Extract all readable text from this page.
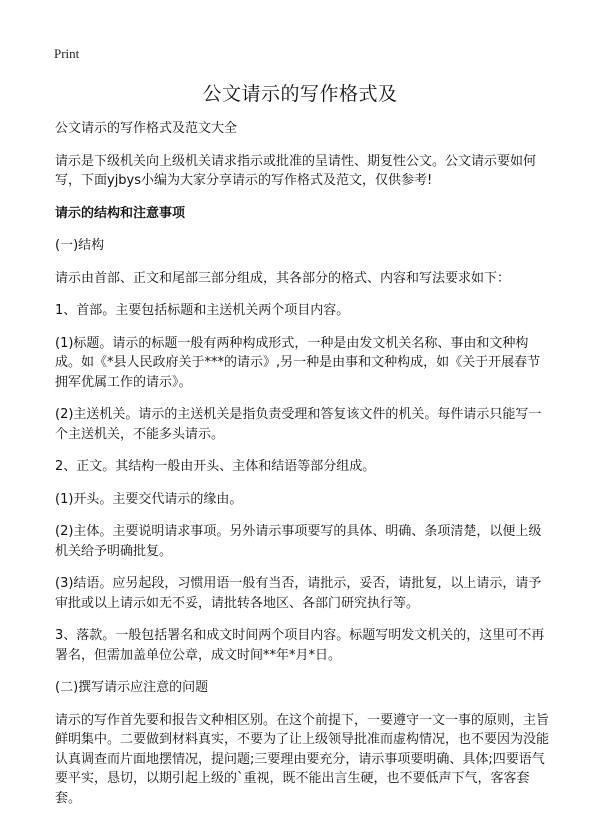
Print
公文请示的写作格式及

公文请示的写作格式及范文大全

请示是下级机关向上级机关请求指示或批准的呈请性、期复性公文。公文请示要如何写，下面yjbys小编为大家分享请示的写作格式及范文，仅供参考!

请示的结构和注意事项

(一)结构

请示由首部、正文和尾部三部分组成，其各部分的格式、内容和写法要求如下：

1、首部。主要包括标题和主送机关两个项目内容。

(1)标题。请示的标题一般有两种构成形式，一种是由发文机关名称、事由和文种构成。如《*县人民政府关于***的请示》,另一种是由事和文种构成，如《关于开展春节拥军优属工作的请示》。

(2)主送机关。请示的主送机关是指负责受理和答复该文件的机关。每件请示只能写一个主送机关，不能多头请示。

2、正文。其结构一般由开头、主体和结语等部分组成。

(1)开头。主要交代请示的缘由。

(2)主体。主要说明请求事项。另外请示事项要写的具体、明确、条项清楚，以便上级机关给予明确批复。

(3)结语。应另起段，习惯用语一般有当否，请批示，妥否，请批复，以上请示，请予审批或以上请示如无不妥，请批转各地区、各部门研究执行等。

3、落款。一般包括署名和成文时间两个项目内容。标题写明发文机关的，这里可不再署名，但需加盖单位公章，成文时间**年*月*日。

(二)撰写请示应注意的问题

请示的写作首先要和报告文种相区别。在这个前提下，一要遵守一文一事的原则，主旨鲜明集中。二要做到材料真实，不要为了让上级领导批准而虚构情况，也不要因为没能认真调查而片面地摆情况，提问题;三要理由要充分，请示事项要明确、具体;四要语气要平实，恳切，以期引起上级的`重视，既不能出言生硬，也不要低声下气，客客套套。
